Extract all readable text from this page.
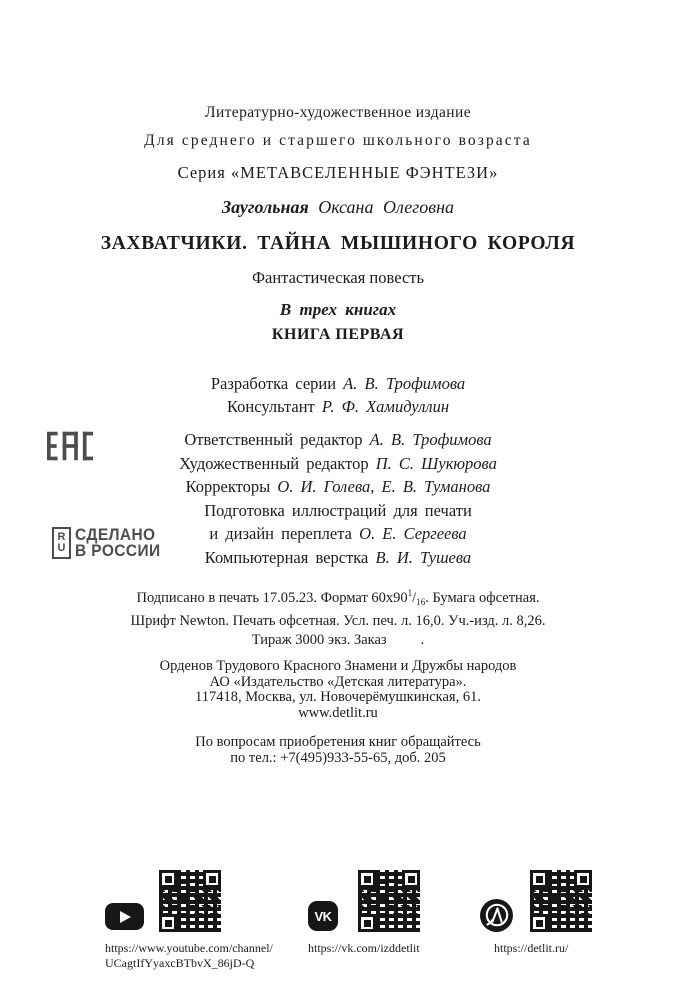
Литературно-художественное издание
Для среднего и старшего школьного возраста
Серия «МЕТАВСЕЛЕННЫЕ ФЭНТЕЗИ»
Заугольная Оксана Олеговна
ЗАХВАТЧИКИ. ТАЙНА МЫШИНОГО КОРОЛЯ
Фантастическая повесть
В трех книгах
КНИГА ПЕРВАЯ
Разработка серии А. В. Трофимова
Консультант Р. Ф. Хамидуллин
Ответственный редактор А. В. Трофимова
Художественный редактор П. С. Шукюрова
Корректоры О. И. Голева, Е. В. Туманова
Подготовка иллюстраций для печати
и дизайн переплета О. Е. Сергеева
Компьютерная верстка В. И. Тушева
Подписано в печать 17.05.23. Формат $60х90^1/_{16}$. Бумага офсетная.
Шрифт Newton. Печать офсетная. Усл. печ. л. 16,0. Уч.-изд. л. 8,26.
Тираж 3000 экз. Заказ .
Орденов Трудового Красного Знамени и Дружбы народов
АО «Издательство «Детская литература».
117418, Москва, ул. Новочерёмушкинская, 61.
www.detlit.ru
По вопросам приобретения книг обращайтесь
по тел.: +7(495)933-55-65, доб. 205
R
U
СДЕЛАНО
В РОССИИ
https://www.youtube.com/channel/
UCagtIfYyaxcBTbvX_86jD-Q
VK
https://vk.com/izddetlit	https://detlit.ru/
